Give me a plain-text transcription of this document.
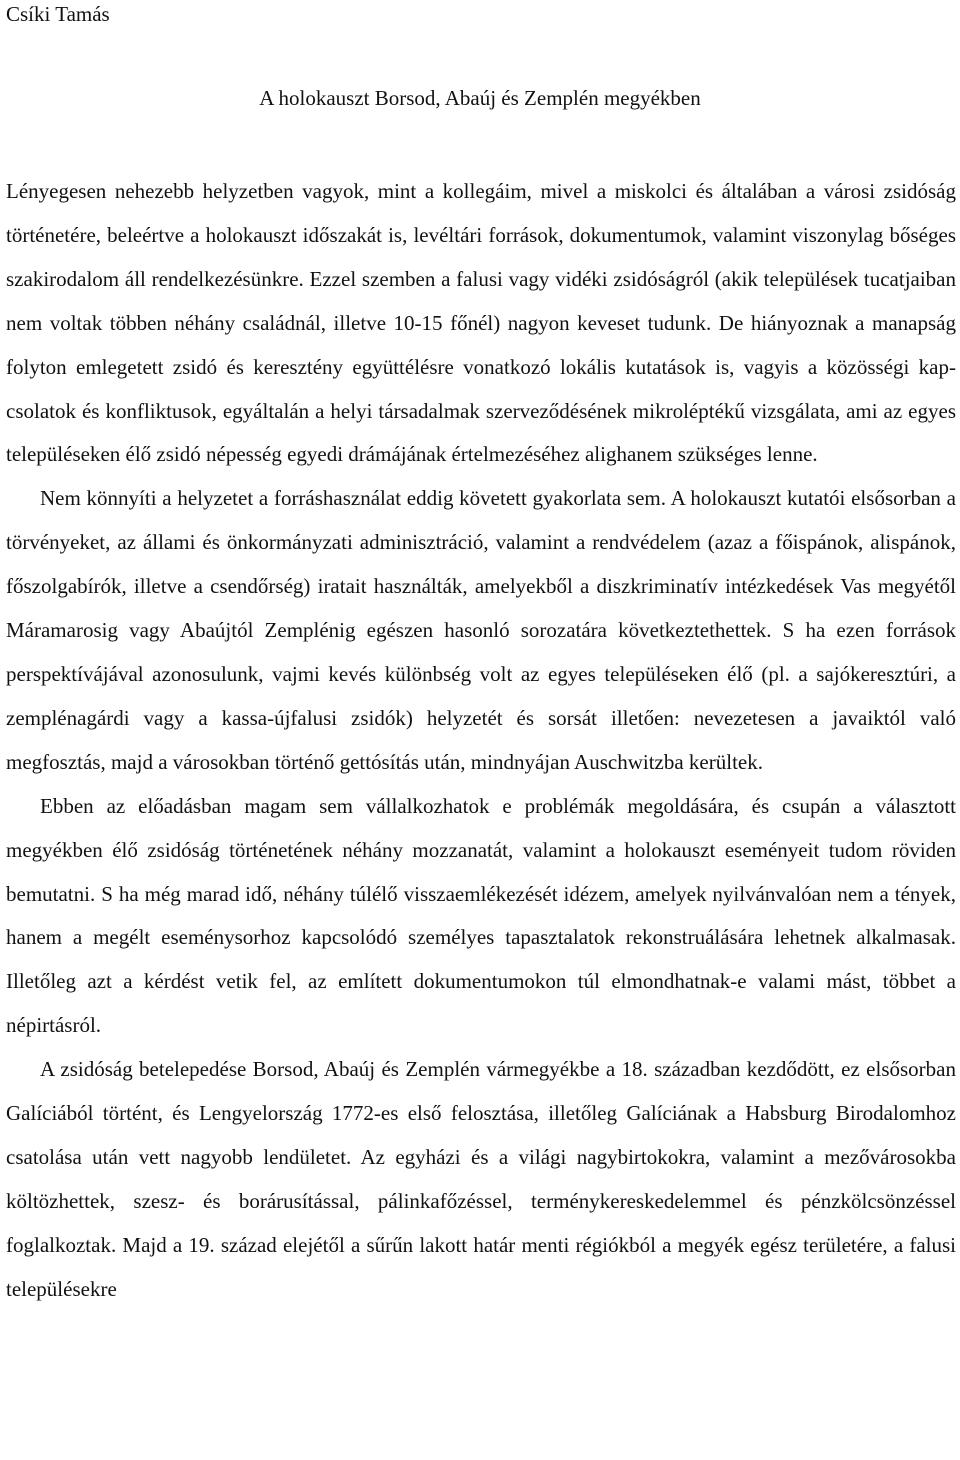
Csíki Tamás

A holokauszt Borsod, Abaúj és Zemplén megyékben

Lényegesen nehezebb helyzetben vagyok, mint a kollegáim, mivel a miskolci és általában a városi zsidóság történetére, beleértve a holokauszt időszakát is, levéltári források, dokumentumok, valamint viszonylag bőséges szakirodalom áll rendelkezésünkre. Ezzel szemben a falusi vagy vidéki zsidóságról (akik települések tucatjaiban nem voltak többen néhány családnál, illetve 10-15 főnél) nagyon keveset tudunk. De hiányoznak a manapság folyton emlegetett zsidó és keresztény együttélésre vonatkozó lokális kutatások is, vagyis a közösségi kapcsolatok és konfliktusok, egyáltalán a helyi társadalmak szerveződésének mikroléptékű vizsgálata, ami az egyes településeken élő zsidó népesség egyedi drámájának értelmezéséhez alighanem szükséges lenne.

Nem könnyíti a helyzetet a forráshasználat eddig követett gyakorlata sem. A holokauszt kutatói elsősorban a törvényeket, az állami és önkormányzati adminisztráció, valamint a rendvédelem (azaz a főispánok, alispánok, főszolgabírók, illetve a csendőrség) iratait használták, amelyekből a diszkriminatív intézkedések Vas megyétől Máramarosig vagy Abaújtól Zemplénig egészen hasonló sorozatára következtethettek. S ha ezen források perspektívájával azonosulunk, vajmi kevés különbség volt az egyes településeken élő (pl. a sajókeresztúri, a zemplénagárdi vagy a kassa-újfalusi zsidók) helyzetét és sorsát illetően: nevezetesen a javaiktól való megfosztás, majd a városokban történő gettósítás után, mindnyájan Auschwitzba kerültek.

Ebben az előadásban magam sem vállalkozhatok e problémák megoldására, és csupán a választott megyékben élő zsidóság történetének néhány mozzanatát, valamint a holokauszt eseményeit tudom röviden bemutatni. S ha még marad idő, néhány túlélő visszaemlékezését idézem, amelyek nyilvánvalóan nem a tények, hanem a megélt eseménysorhoz kapcsolódó személyes tapasztalatok rekonstruálására lehetnek alkalmasak. Illetőleg azt a kérdést vetik fel, az említett dokumentumokon túl elmondhatnak-e valami mást, többet a népirtásról.

A zsidóság betelepedése Borsod, Abaúj és Zemplén vármegyékbe a 18. században kezdődött, ez elsősorban Galíciából történt, és Lengyelország 1772-es első felosztása, illetőleg Galíciának a Habsburg Birodalomhoz csatolása után vett nagyobb lendületet. Az egyházi és a világi nagybirtokokra, valamint a mezővárosokba költözhettek, szesz- és borárusítással, pálinkafőzéssel, terménykereskedelemmel és pénzkölcsönzéssel foglalkoztak. Majd a 19. század elejétől a sűrűn lakott határ menti régiókból a megyék egész területére, a falusi településekre
